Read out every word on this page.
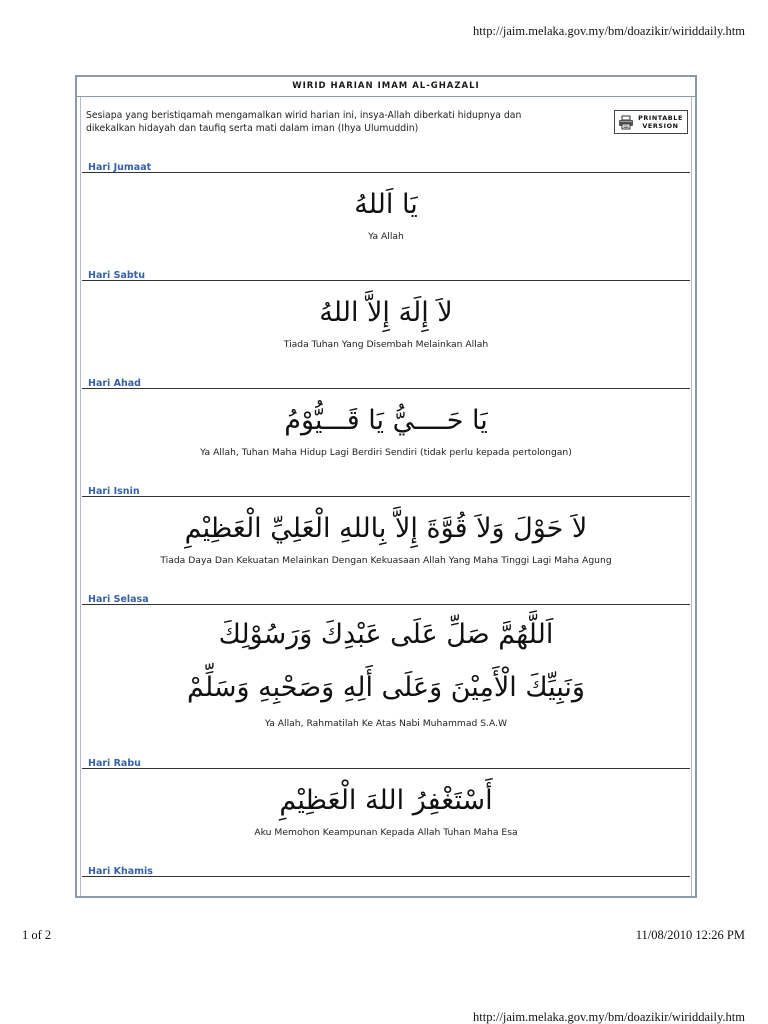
http://jaim.melaka.gov.my/bm/doazikir/wiriddaily.htm
1 of 2	11/08/2010 12:26 PM
http://jaim.melaka.gov.my/bm/doazikir/wiriddaily.htm
WIRID HARIAN IMAM AL-GHAZALI
Sesiapa yang beristiqamah mengamalkan wirid harian ini, insya-Allah diberkati hidupnya dan
dikekalkan hidayah dan taufiq serta mati dalam iman (Ihya Ulumuddin)
PRINTABLE
VERSION
Hari Jumaat
يَا اَللهُ
Ya Allah
Hari Sabtu
لاَ إِلَهَ إِلاَّ اللهُ
Tiada Tuhan Yang Disembah Melainkan Allah
Hari Ahad
يَا حَــــيُّ يَا قَـــيُّوْمُ
Ya Allah, Tuhan Maha Hidup Lagi Berdiri Sendiri (tidak perlu kepada pertolongan)
Hari Isnin
لاَ حَوْلَ وَلاَ قُوَّةَ إِلاَّ بِاللهِ الْعَلِيِّ الْعَظِيْمِ
Tiada Daya Dan Kekuatan Melainkan Dengan Kekuasaan Allah Yang Maha Tinggi Lagi Maha Agung
Hari Selasa
اَللَّهُمَّ صَلِّ عَلَى عَبْدِكَ وَرَسُوْلِكَ
وَنَبِيِّكَ الْأَمِيْنَ وَعَلَى أَلِهِ وَصَحْبِهِ وَسَلِّمْ
Ya Allah, Rahmatilah Ke Atas Nabi Muhammad S.A.W
Hari Rabu
أَسْتَغْفِرُ اللهَ الْعَظِيْمِ
Aku Memohon Keampunan Kepada Allah Tuhan Maha Esa
Hari Khamis
